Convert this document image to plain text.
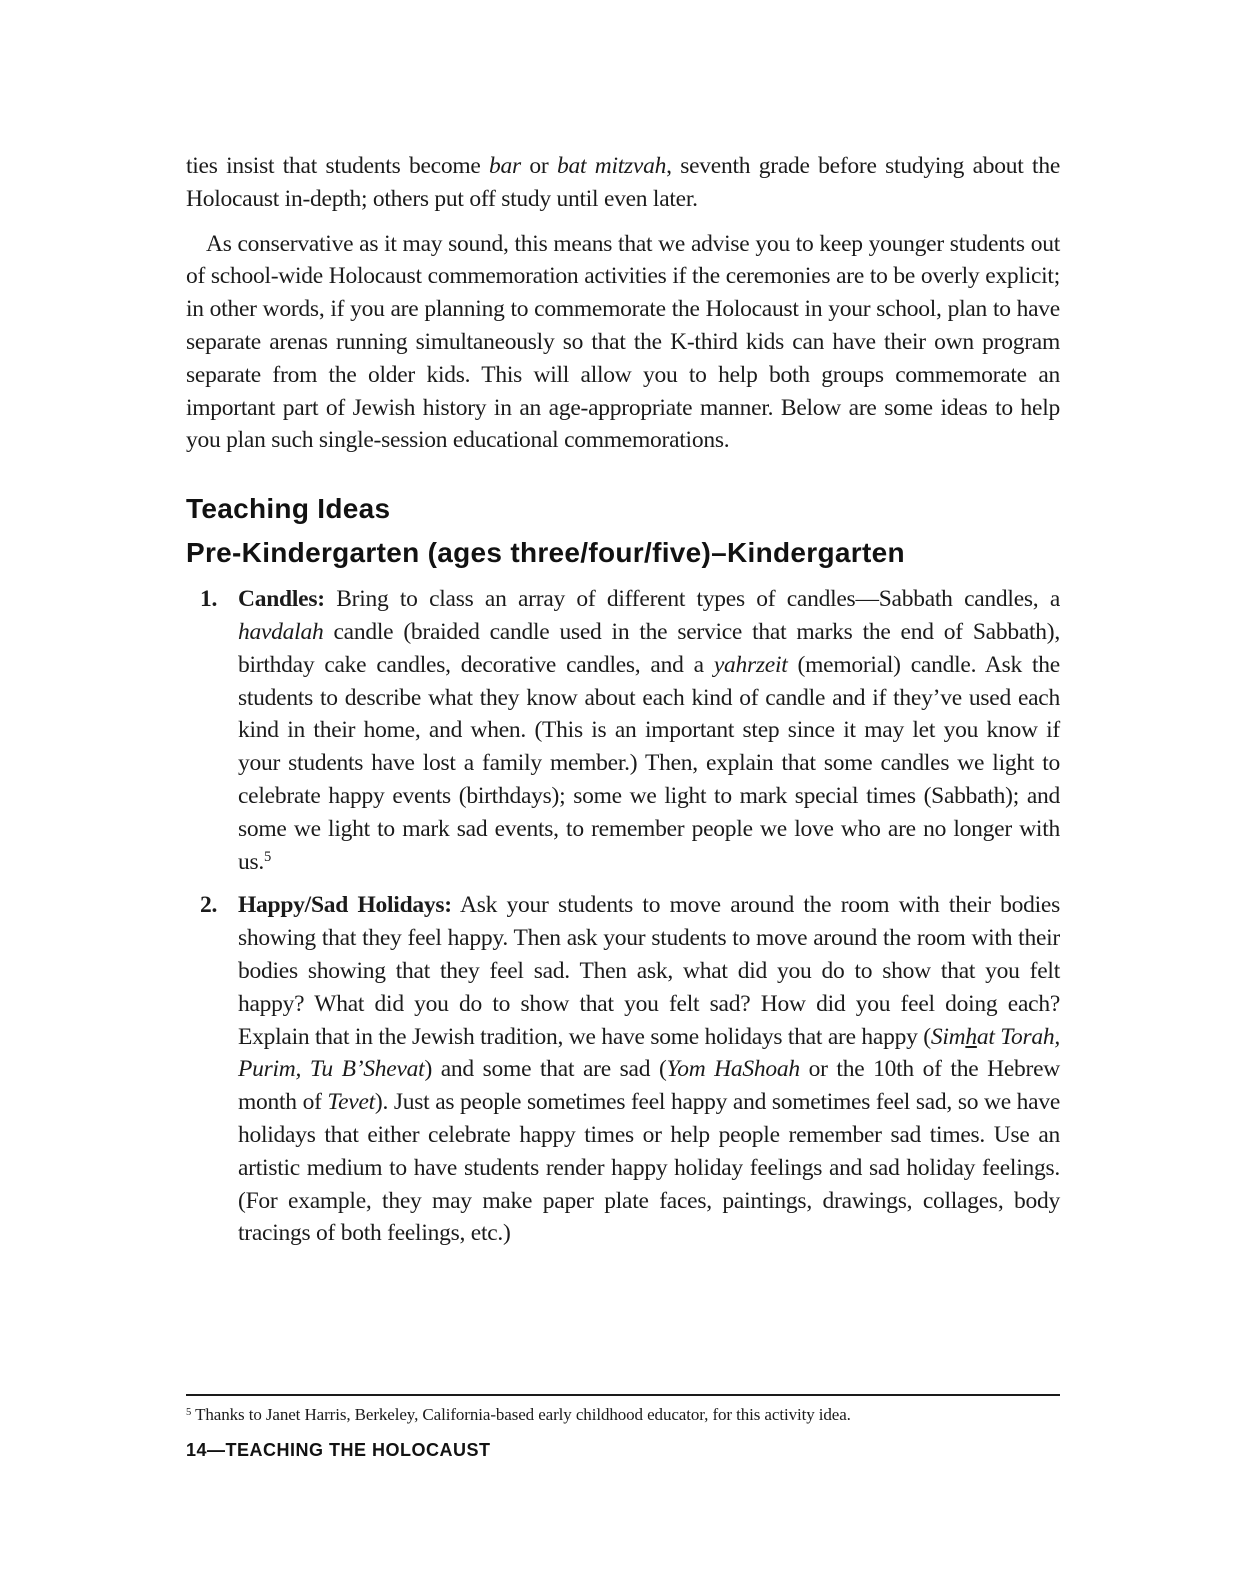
ties insist that students become bar or bat mitzvah, seventh grade before studying about the Holocaust in-depth; others put off study until even later.

As conservative as it may sound, this means that we advise you to keep younger students out of school-wide Holocaust commemoration activities if the ceremonies are to be overly explicit; in other words, if you are planning to commemorate the Holocaust in your school, plan to have separate arenas running simultaneously so that the K-third kids can have their own program separate from the older kids. This will allow you to help both groups commemorate an important part of Jewish history in an age-appropriate manner. Below are some ideas to help you plan such single-session educational commemorations.

Teaching Ideas
Pre-Kindergarten (ages three/four/five)–Kindergarten
1. Candles: Bring to class an array of different types of candles—Sabbath candles, a havdalah candle (braided candle used in the service that marks the end of Sabbath), birthday cake candles, decorative candles, and a yahrzeit (memorial) candle. Ask the students to describe what they know about each kind of candle and if they’ve used each kind in their home, and when. (This is an important step since it may let you know if your students have lost a family member.) Then, explain that some candles we light to celebrate happy events (birthdays); some we light to mark special times (Sabbath); and some we light to mark sad events, to remember people we love who are no longer with us.$^5$
2. Happy/Sad Holidays: Ask your students to move around the room with their bodies showing that they feel happy. Then ask your students to move around the room with their bodies showing that they feel sad. Then ask, what did you do to show that you felt happy? What did you do to show that you felt sad? How did you feel doing each? Explain that in the Jewish tradition, we have some holidays that are happy (Simhat Torah, Purim, Tu B’Shevat) and some that are sad (Yom HaShoah or the 10th of the Hebrew month of Tevet). Just as people sometimes feel happy and sometimes feel sad, so we have holidays that either celebrate happy times or help people remember sad times. Use an artistic medium to have students render happy holiday feelings and sad holiday feelings. (For example, they may make paper plate faces, paintings, drawings, collages, body tracings of both feelings, etc.)
$^5$ Thanks to Janet Harris, Berkeley, California-based early childhood educator, for this activity idea.
14—TEACHING THE HOLOCAUST
